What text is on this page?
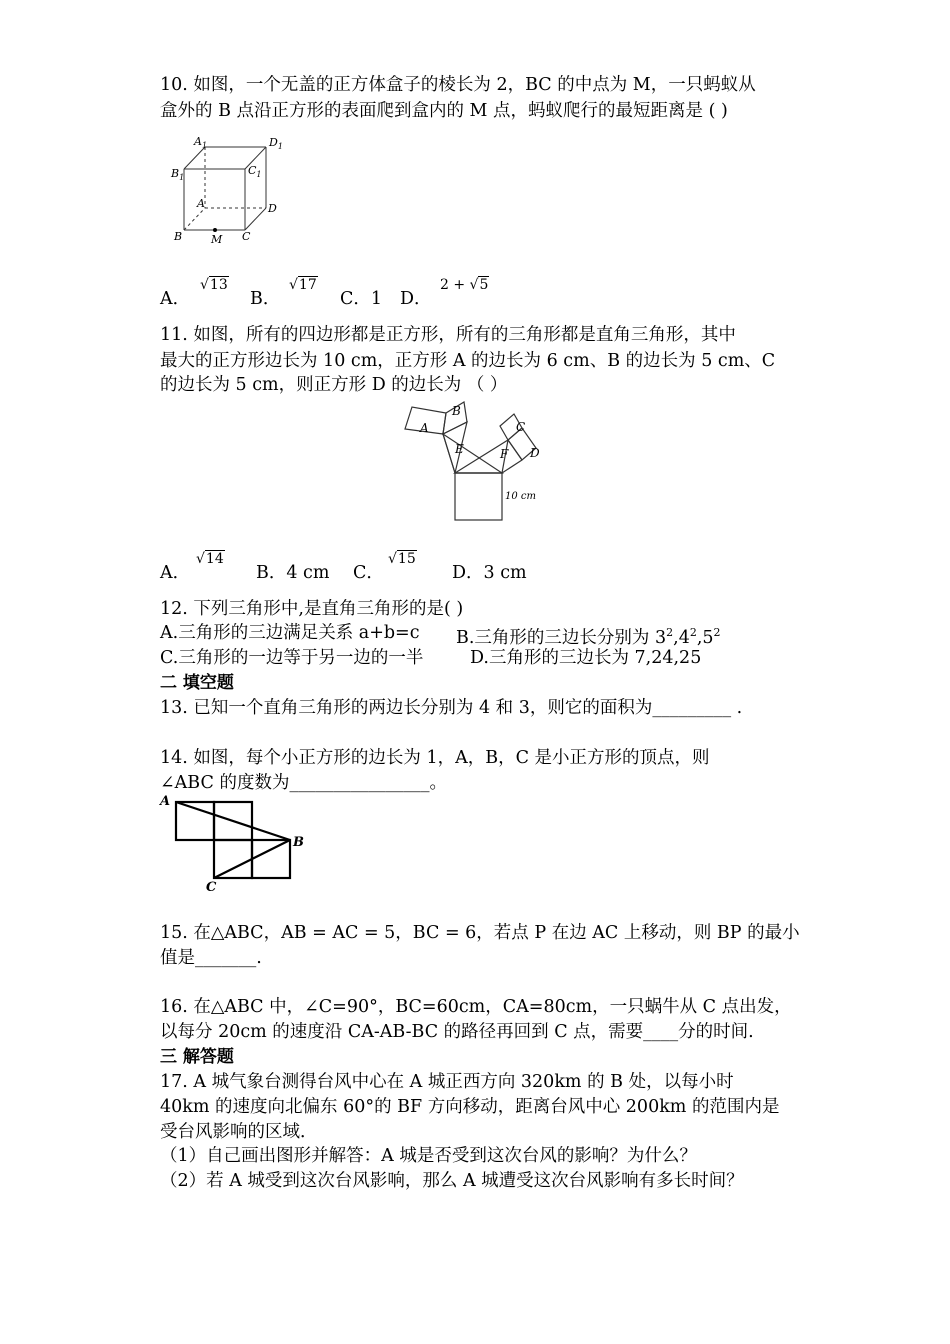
10. 如图，一个无盖的正方体盒子的棱长为 2，BC 的中点为 M，一只蚂蚁从
盒外的 B 点沿正方形的表面爬到盒内的 M 点，蚂蚁爬行的最短距离是 ( )
$A_1$	$D_1$
$B_1$
$C_1$
A	D
B	M C
A．
√13
B．
√17
C．1 D．
2 + √5
11. 如图，所有的四边形都是正方形，所有的三角形都是直角三角形，其中
最大的正方形边长为 10 cm，正方形 A 的边长为 6 cm、B 的边长为 5 cm、C
的边长为 5 cm，则正方形 D 的边长为 （ ）
A
B
E
C
D
F
10 cm
A．
√14
B．4 cm C．
√15
D．3 cm
12. 下列三角形中,是直角三角形的是( )
A.三角形的三边满足关系 a+b=c B.三角形的三边长分别为 $3^2,4^2,5^2$
C.三角形的一边等于另一边的一半	D.三角形的三边长为 7,24,25
二 填空题
13. 已知一个直角三角形的两边长分别为 4 和 3，则它的面积为_________ .
14. 如图，每个小正方形的边长为 1，A，B，C 是小正方形的顶点，则
∠ABC 的度数为________________。
A
B
C
15. 在△ABC，AB = AC = 5，BC = 6，若点 P 在边 AC 上移动，则 BP 的最小
值是_______.
16. 在△ABC 中，∠C=90°，BC=60cm，CA=80cm，一只蜗牛从 C 点出发，
以每分 20cm 的速度沿 CA-AB-BC 的路径再回到 C 点，需要____分的时间.
三 解答题
17. A 城气象台测得台风中心在 A 城正西方向 320km 的 B 处，以每小时
40km 的速度向北偏东 60°的 BF 方向移动，距离台风中心 200km 的范围内是
受台风影响的区域．
（1）自己画出图形并解答：A 城是否受到这次台风的影响？为什么？
（2）若 A 城受到这次台风影响，那么 A 城遭受这次台风影响有多长时间？
